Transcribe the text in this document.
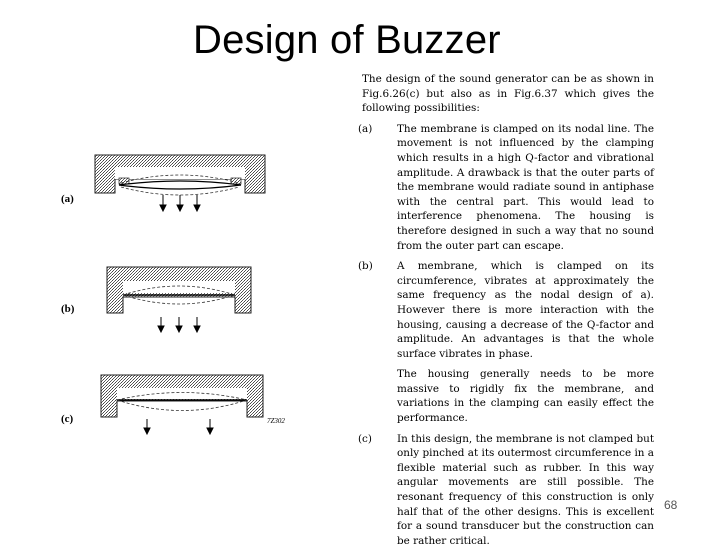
Design of Buzzer
(a)
(b)
(c)	7Z302

The design of the sound generator can be as shown in Fig.6.26(c) but also as in Fig.6.37 which gives the following possibilities:

(a) The membrane is clamped on its nodal line. The movement is not influenced by the clamping which results in a high Q-factor and vibrational amplitude. A drawback is that the outer parts of the membrane would radiate sound in antiphase with the central part. This would lead to interference phenomena. The housing is therefore designed in such a way that no sound from the outer part can escape.

(b) A membrane, which is clamped on its circumference, vibrates at approximately the same frequency as the nodal design of a). However there is more interaction with the housing, causing a decrease of the Q-factor and amplitude. An advantages is that the whole surface vibrates in phase.

The housing generally needs to be more massive to rigidly fix the membrane, and variations in the clamping can easily effect the performance.

(c) In this design, the membrane is not clamped but only pinched at its outermost circumference in a flexible material such as rubber. In this way angular movements are still possible. The resonant frequency of this construction is only half that of the other designs. This is excellent for a sound transducer but the construction can be rather critical.

68
